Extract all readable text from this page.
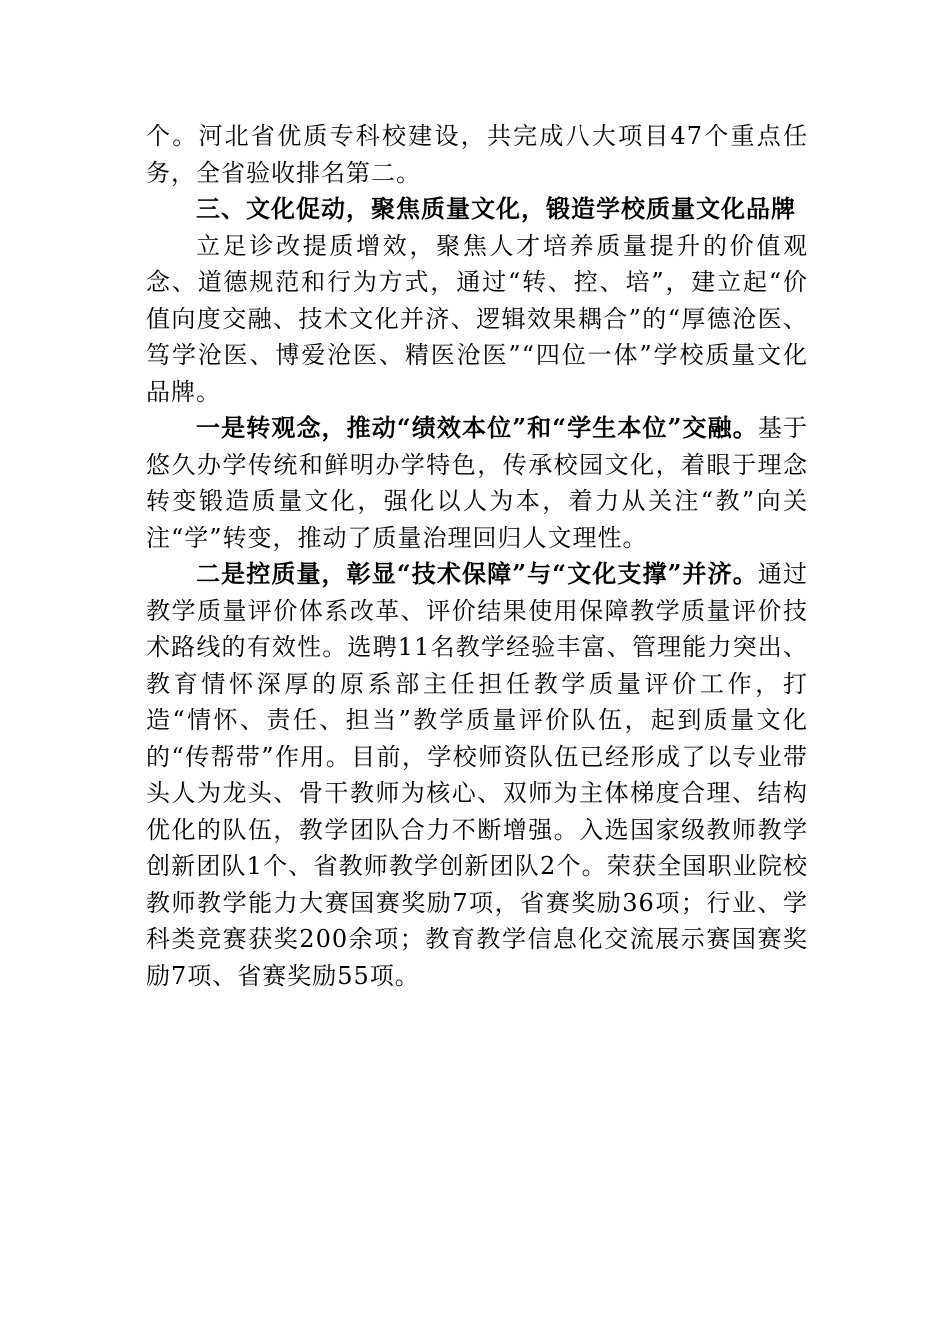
个。河北省优质专科校建设，共完成八大项目47个重点任务，全省验收排名第二。

三、文化促动，聚焦质量文化，锻造学校质量文化品牌

立足诊改提质增效，聚焦人才培养质量提升的价值观念、道德规范和行为方式，通过“转、控、培”，建立起“价值向度交融、技术文化并济、逻辑效果耦合”的“厚德沧医、笃学沧医、博爱沧医、精医沧医”“四位一体”学校质量文化品牌。

一是转观念，推动“绩效本位”和“学生本位”交融。基于悠久办学传统和鲜明办学特色，传承校园文化，着眼于理念转变锻造质量文化，强化以人为本，着力从关注“教”向关注“学”转变，推动了质量治理回归人文理性。

二是控质量，彰显“技术保障”与“文化支撑”并济。通过教学质量评价体系改革、评价结果使用保障教学质量评价技术路线的有效性。选聘11名教学经验丰富、管理能力突出、教育情怀深厚的原系部主任担任教学质量评价工作，打造“情怀、责任、担当”教学质量评价队伍，起到质量文化的“传帮带”作用。目前，学校师资队伍已经形成了以专业带头人为龙头、骨干教师为核心、双师为主体梯度合理、结构优化的队伍，教学团队合力不断增强。入选国家级教师教学创新团队1个、省教师教学创新团队2个。荣获全国职业院校教师教学能力大赛国赛奖励7项，省赛奖励36项；行业、学科类竞赛获奖200余项；教育教学信息化交流展示赛国赛奖励7项、省赛奖励55项。
